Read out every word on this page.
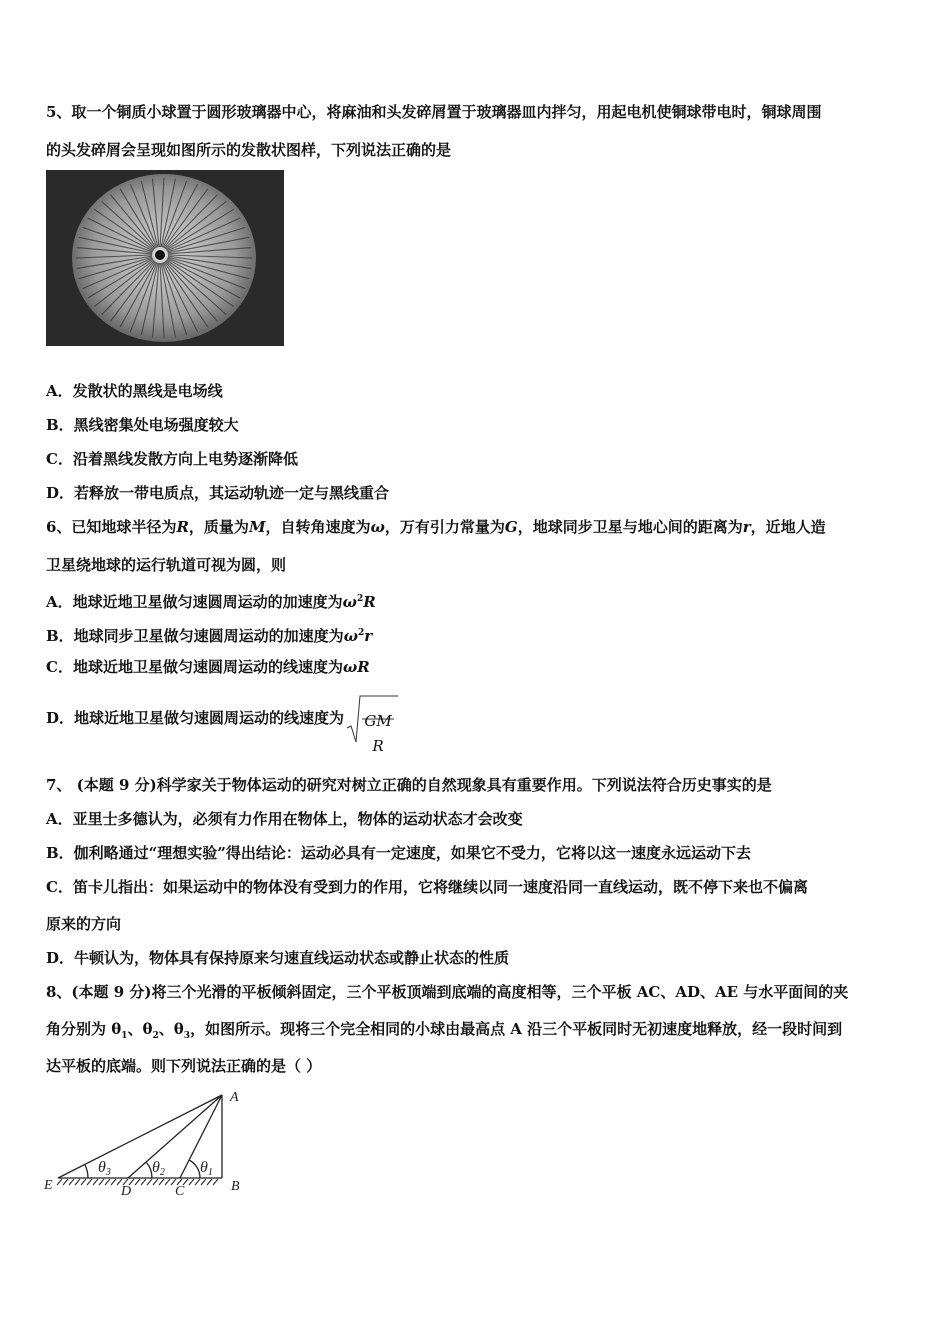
5、取一个铜质小球置于圆形玻璃器中心，将麻油和头发碎屑置于玻璃器皿内拌匀，用起电机使铜球带电时，铜球周围
的头发碎屑会呈现如图所示的发散状图样，下列说法正确的是
A．发散状的黑线是电场线
B．黑线密集处电场强度较大
C．沿着黑线发散方向上电势逐渐降低
D．若释放一带电质点，其运动轨迹一定与黑线重合
6、已知地球半径为R，质量为M，自转角速度为ω，万有引力常量为G，地球同步卫星与地心间的距离为r，近地人造
卫星绕地球的运行轨道可视为圆，则
A．地球近地卫星做匀速圆周运动的加速度为$\omega^2R$
B．地球同步卫星做匀速圆周运动的加速度为$\omega^2r$
C．地球近地卫星做匀速圆周运动的线速度为ωR
D．地球近地卫星做匀速圆周运动的线速度为 GM
R
7、 (本题 9 分)科学家关于物体运动的研究对树立正确的自然现象具有重要作用。下列说法符合历史事实的是
A．亚里士多德认为，必须有力作用在物体上，物体的运动状态才会改变
B．伽利略通过“理想实验”得出结论：运动必具有一定速度，如果它不受力，它将以这一速度永远运动下去
C．笛卡儿指出：如果运动中的物体没有受到力的作用，它将继续以同一速度沿同一直线运动，既不停下来也不偏离
原来的方向
D．牛顿认为，物体具有保持原来匀速直线运动状态或静止状态的性质
8、(本题 9 分)将三个光滑的平板倾斜固定，三个平板顶端到底端的高度相等，三个平板 AC、AD、AE 与水平面间的夹
角分别为 $\theta_1$、$\theta_2$、$\theta_3$，如图所示。现将三个完全相同的小球由最高点 A 沿三个平板同时无初速度地释放，经一段时间到
达平板的底端。则下列说法正确的是（ ）
A
B
C
D
E
θ3	θ2 θ1
